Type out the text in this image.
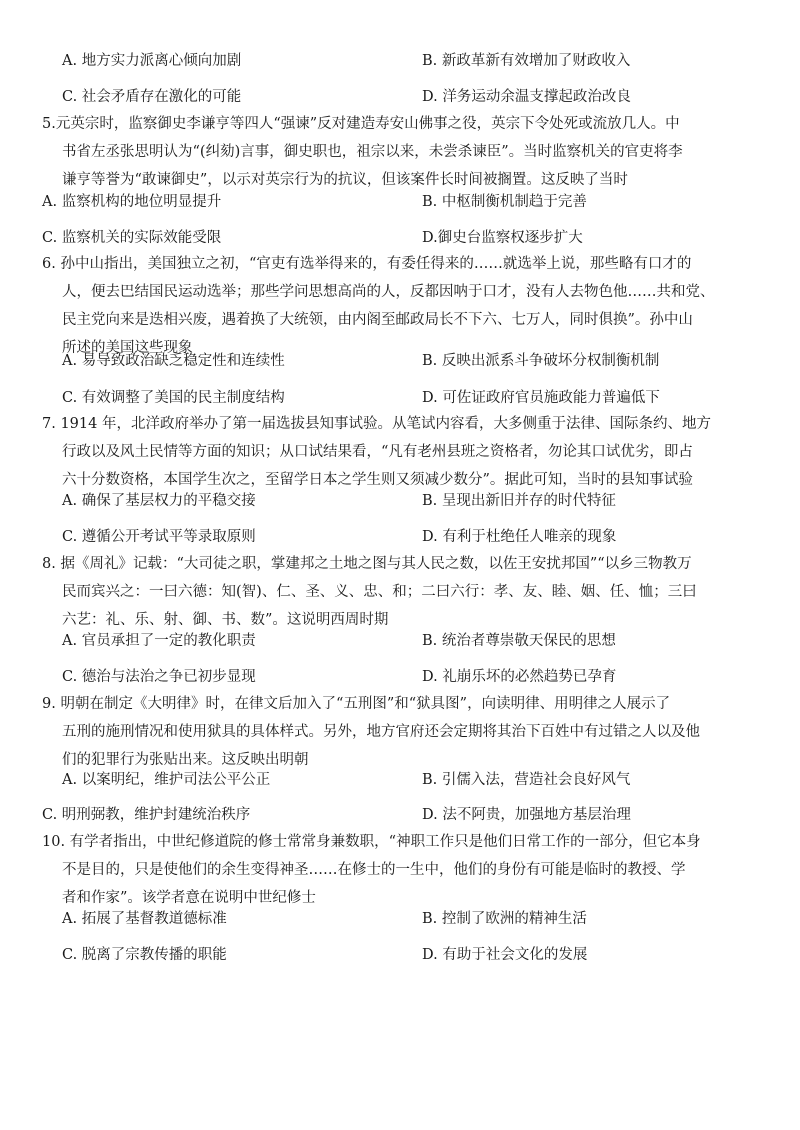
A. 地方实力派离心倾向加剧	B. 新政革新有效增加了财政收入
C. 社会矛盾存在激化的可能	D. 洋务运动余温支撑起政治改良
5.元英宗时，监察御史李谦亨等四人“强谏”反对建造寿安山佛事之役，英宗下令处死或流放几人。中
书省左丞张思明认为“(纠劾)言事，御史职也，祖宗以来，未尝杀谏臣”。当时监察机关的官吏将李
谦亨等誉为“敢谏御史”，以示对英宗行为的抗议，但该案件长时间被搁置。这反映了当时
A. 监察机构的地位明显提升	B. 中枢制衡机制趋于完善
C. 监察机关的实际效能受限	D.御史台监察权逐步扩大
6. 孙中山指出，美国独立之初，“官吏有选举得来的，有委任得来的……就选举上说，那些略有口才的
人，便去巴结国民运动选举；那些学问思想高尚的人，反都因呐于口才，没有人去物色他……共和党、
民主党向来是迭相兴废，遇着换了大统领，由内阁至邮政局长不下六、七万人，同时俱换”。孙中山
所述的美国这些现象
A. 易导致政治缺乏稳定性和连续性	B. 反映出派系斗争破坏分权制衡机制
C. 有效调整了美国的民主制度结构	D. 可佐证政府官员施政能力普遍低下
7. 1914 年，北洋政府举办了第一届选拔县知事试验。从笔试内容看，大多侧重于法律、国际条约、地方
行政以及风土民情等方面的知识；从口试结果看，“凡有老州县班之资格者，勿论其口试优劣，即占
六十分数资格，本国学生次之，至留学日本之学生则又须减少数分”。据此可知，当时的县知事试验
A. 确保了基层权力的平稳交接	B. 呈现出新旧并存的时代特征
C. 遵循公开考试平等录取原则	D. 有利于杜绝任人唯亲的现象
8. 据《周礼》记载：“大司徒之职，掌建邦之土地之图与其人民之数，以佐王安扰邦国”“以乡三物教万
民而宾兴之：一曰六德：知(智)、仁、圣、义、忠、和；二曰六行：孝、友、睦、姻、任、恤；三曰
六艺：礼、乐、射、御、书、数”。这说明西周时期
A. 官员承担了一定的教化职责	B. 统治者尊崇敬天保民的思想
C. 德治与法治之争已初步显现	D. 礼崩乐坏的必然趋势已孕育
9. 明朝在制定《大明律》时，在律文后加入了“五刑图”和“狱具图”，向读明律、用明律之人展示了
五刑的施刑情况和使用狱具的具体样式。另外，地方官府还会定期将其治下百姓中有过错之人以及他
们的犯罪行为张贴出来。这反映出明朝
A. 以案明纪，维护司法公平公正	B. 引儒入法，营造社会良好风气
C. 明刑弼教，维护封建统治秩序	D. 法不阿贵，加强地方基层治理
10. 有学者指出，中世纪修道院的修士常常身兼数职，“神职工作只是他们日常工作的一部分，但它本身
不是目的，只是使他们的余生变得神圣……在修士的一生中，他们的身份有可能是临时的教授、学
者和作家”。该学者意在说明中世纪修士
A. 拓展了基督教道德标准	B. 控制了欧洲的精神生活
C. 脱离了宗教传播的职能	D. 有助于社会文化的发展
